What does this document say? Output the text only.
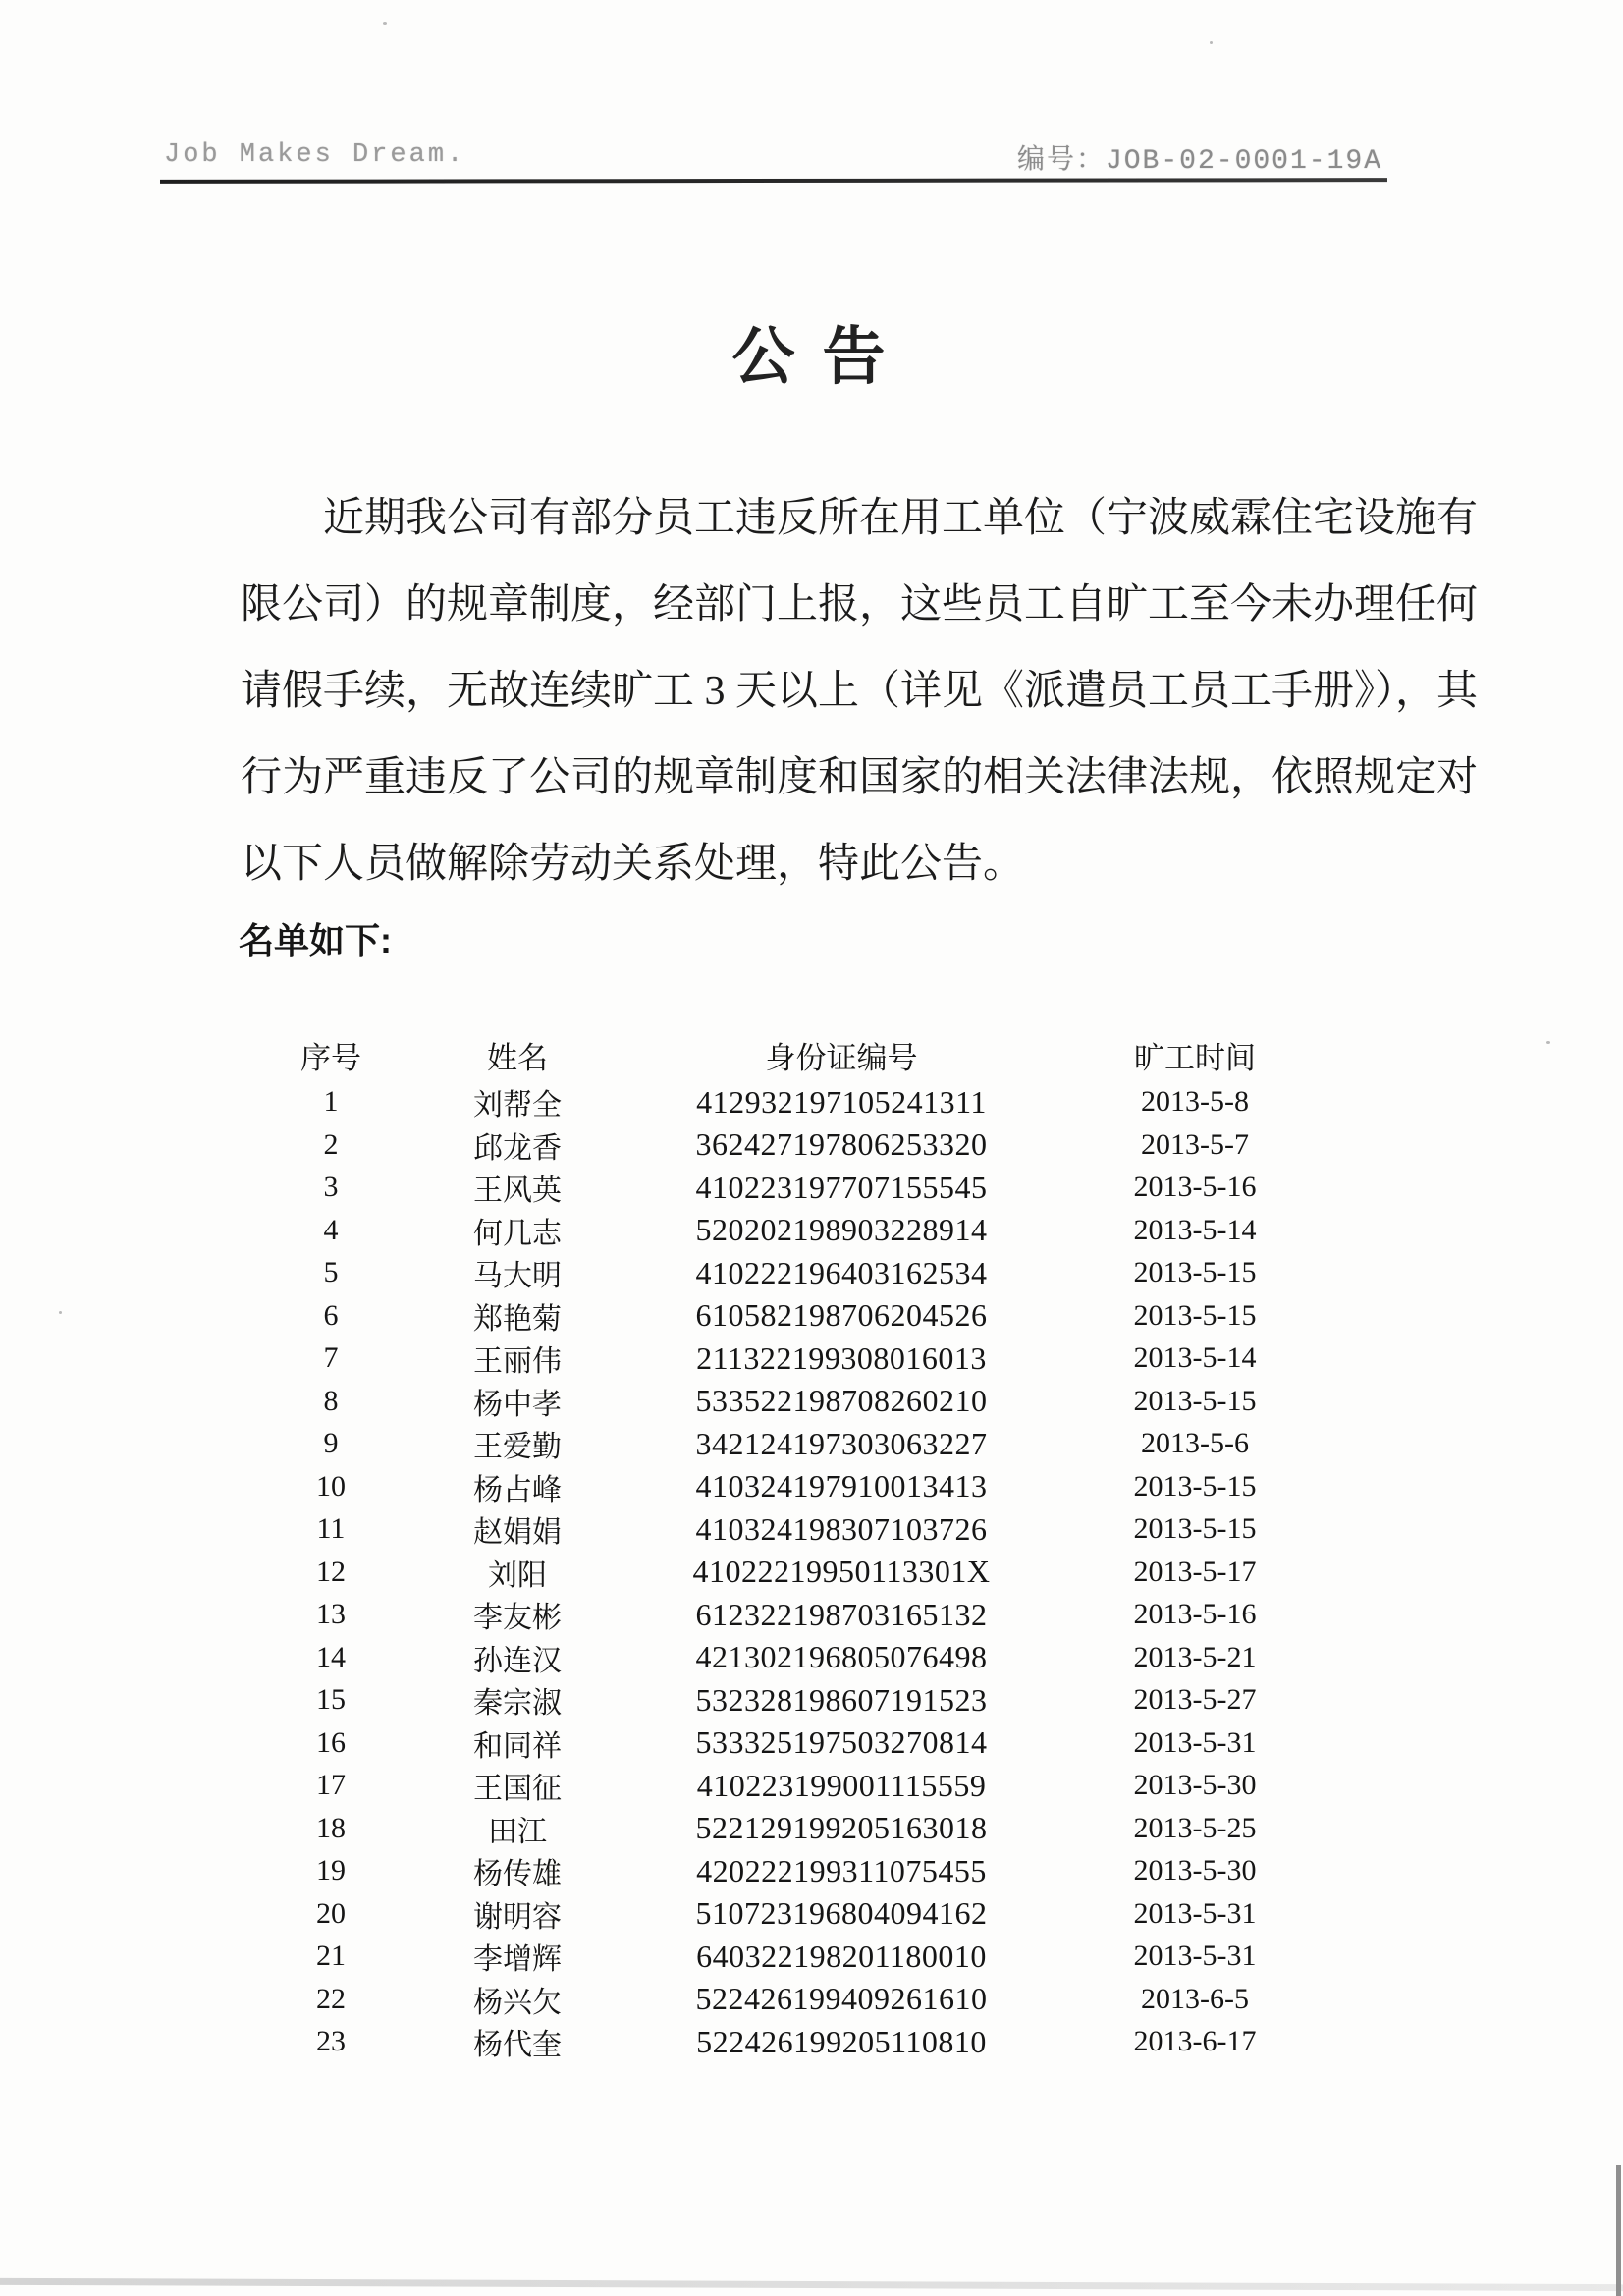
Job Makes Dream.	编号：JOB-02-0001-19A
公 告
近期我公司有部分员工违反所在用工单位（宁波威霖住宅设施有
限公司）的规章制度，经部门上报，这些员工自旷工至今未办理任何
请假手续，无故连续旷工 3 天以上（详见《派遣员工员工手册》），其
行为严重违反了公司的规章制度和国家的相关法律法规，依照规定对
以下人员做解除劳动关系处理，特此公告。
名单如下:
序号	姓名	身份证编号	旷工时间
1	刘帮全	412932197105241311	2013-5-8
2	邱龙香	362427197806253320	2013-5-7
3	王风英	410223197707155545	2013-5-16
4	何几志	520202198903228914	2013-5-14
5	马大明	410222196403162534	2013-5-15
6	郑艳菊	610582198706204526	2013-5-15
7	王丽伟	211322199308016013	2013-5-14
8	杨中孝	533522198708260210	2013-5-15
9	王爱勤	342124197303063227	2013-5-6
10	杨占峰	410324197910013413	2013-5-15
11	赵娟娟	410324198307103726	2013-5-15
12	刘阳	41022219950113301X	2013-5-17
13	李友彬	612322198703165132	2013-5-16
14	孙连汉	421302196805076498	2013-5-21
15	秦宗淑	532328198607191523	2013-5-27
16	和同祥	533325197503270814	2013-5-31
17	王国征	410223199001115559	2013-5-30
18	田江	522129199205163018	2013-5-25
19	杨传雄	420222199311075455	2013-5-30
20	谢明容	510723196804094162	2013-5-31
21	李增辉	640322198201180010	2013-5-31
22	杨兴欠	522426199409261610	2013-6-5
23	杨代奎	522426199205110810	2013-6-17
